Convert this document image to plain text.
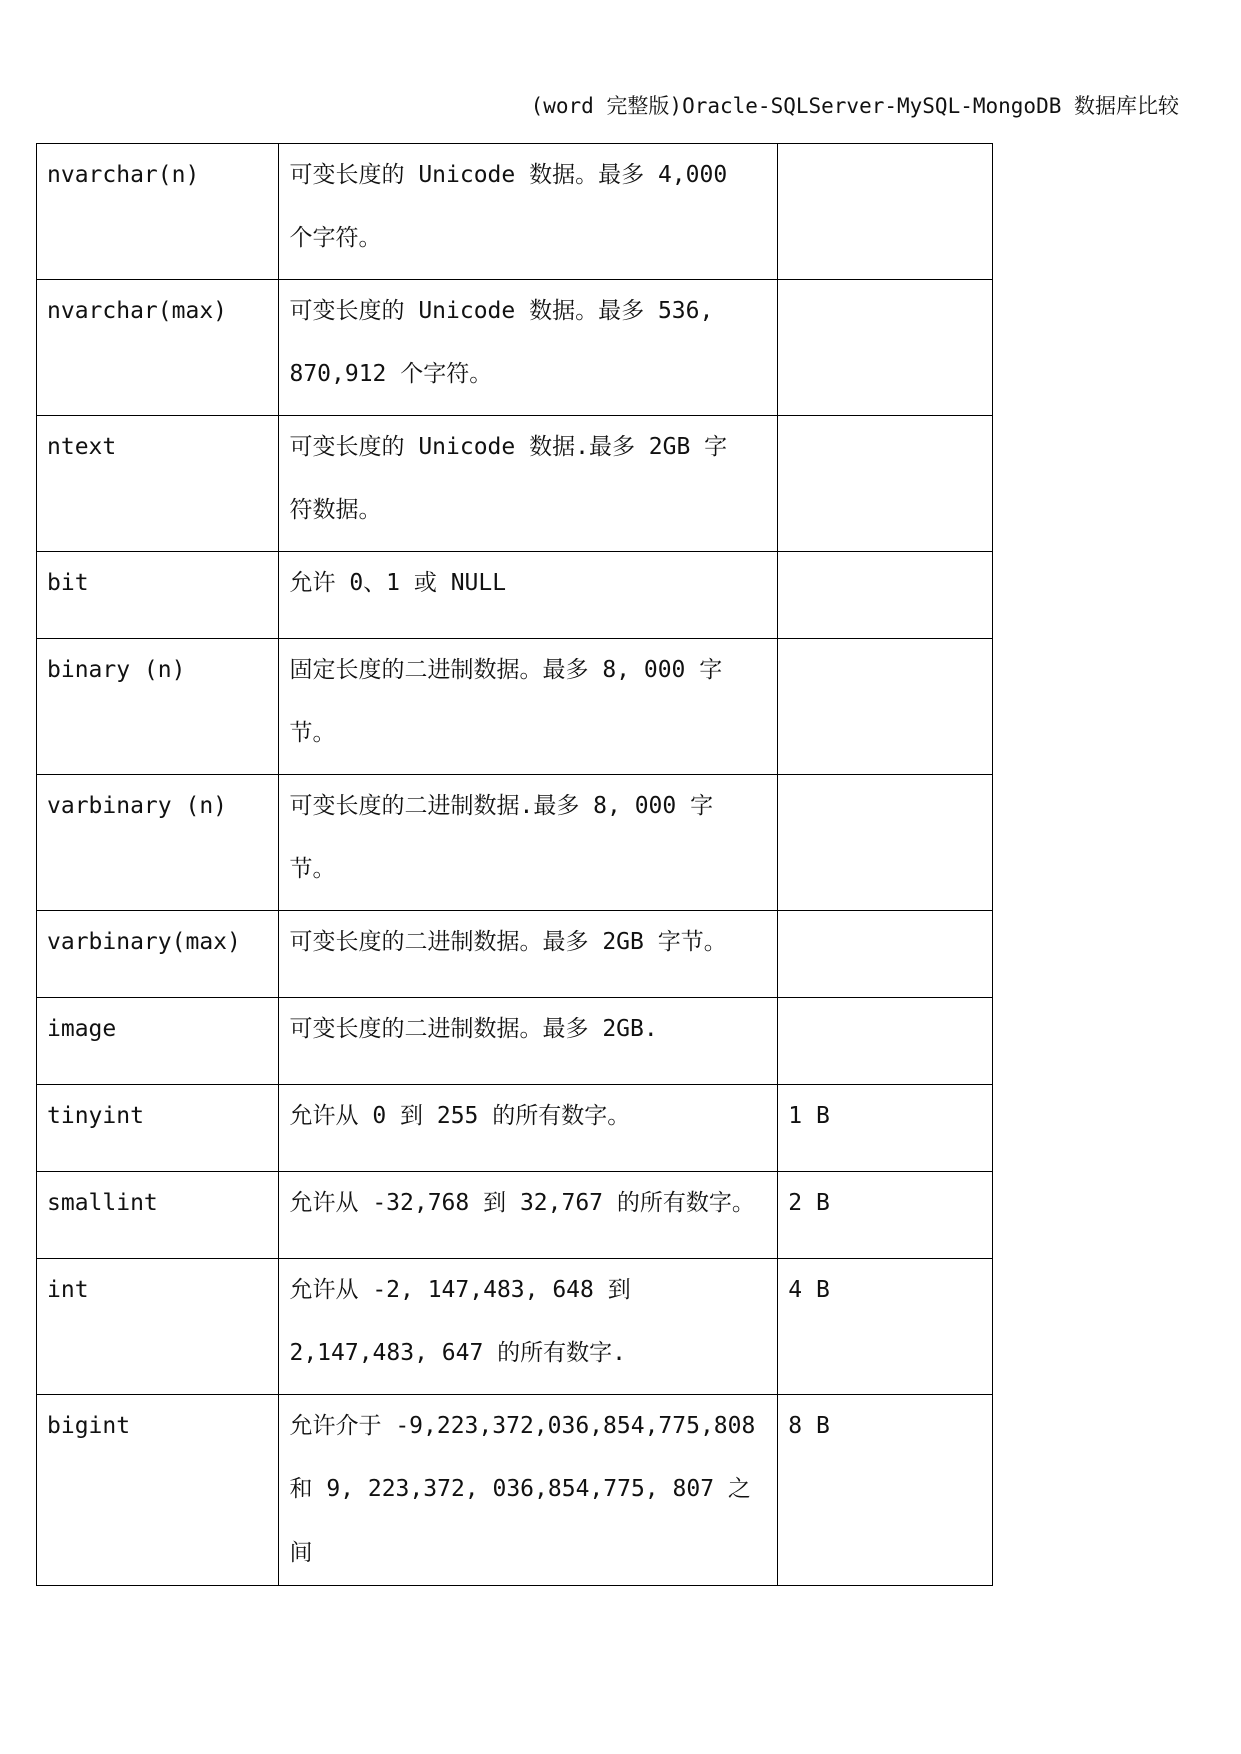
(word 完整版)Oracle-SQLServer-MySQL-MongoDB 数据库比较
nvarchar(n)	可变长度的 Unicode 数据。最多 4,000
个字符。	

nvarchar(max)	可变长度的 Unicode 数据。最多 536,
870,912 个字符。	

ntext	可变长度的 Unicode 数据.最多 2GB 字
符数据。	

bit	允许 0、1 或 NULL	

binary (n)	固定长度的二进制数据。最多 8, 000 字
节。	

varbinary (n)	可变长度的二进制数据.最多 8, 000 字
节。	

varbinary(max)	可变长度的二进制数据。最多 2GB 字节。	

image	可变长度的二进制数据。最多 2GB.	

tinyint	允许从 0 到 255 的所有数字。	1 B

smallint	允许从 -32,768 到 32,767 的所有数字。	2 B

int	允许从 -2, 147,483, 648 到
2,147,483, 647 的所有数字.	4 B

bigint	允许介于 -9,223,372,036,854,775,808
和 9, 223,372, 036,854,775, 807 之间	8 B
